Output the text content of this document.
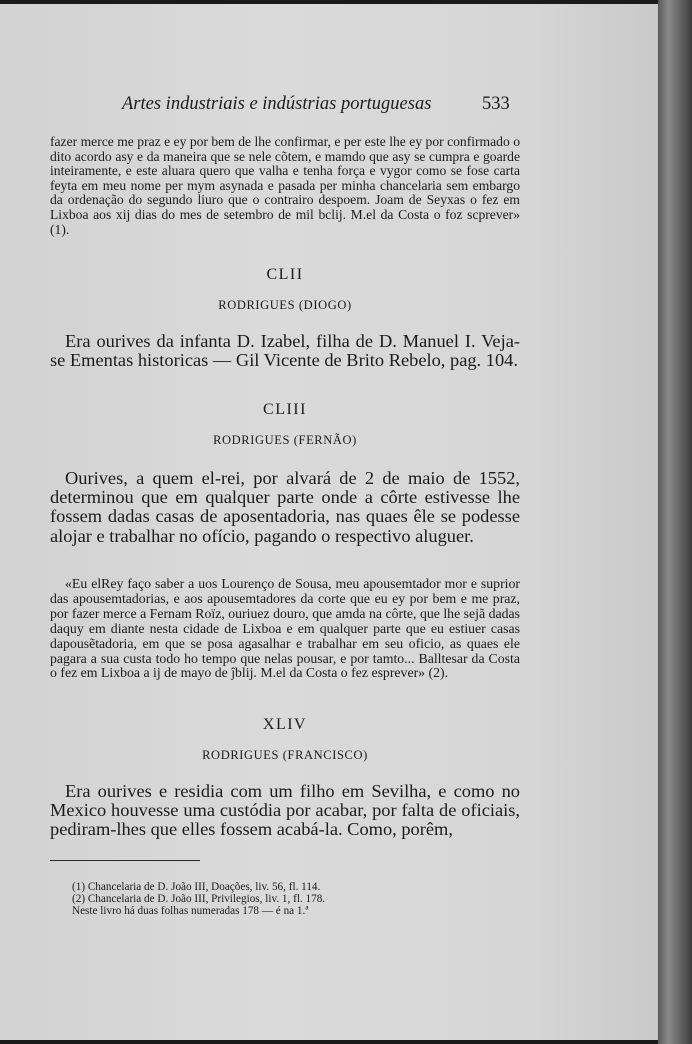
Artes industriais e indústrias portuguesas	533

fazer merce me praz e ey por bem de lhe confirmar, e per este lhe ey por confirmado o dito acordo asy e da maneira que se nele cõtem, e mamdo que asy se cumpra e goarde inteiramente, e este aluara quero que valha e tenha força e vygor como se fose carta feyta em meu nome per mym asynada e pasada per minha chancelaria sem embargo da ordenação do segundo liuro que o contrairo despoem. Joam de Seyxas o fez em Lixboa aos xij dias do mes de setembro de mil bclij. M.el da Costa o foz scprever» (1).

CLII
RODRIGUES (DIOGO)

Era ourives da infanta D. Izabel, filha de D. Manuel I. Veja-se Ementas historicas — Gil Vicente de Brito Rebelo, pag. 104.

CLIII
RODRIGUES (FERNÃO)

Ourives, a quem el-rei, por alvará de 2 de maio de 1552, determinou que em qualquer parte onde a côrte estivesse lhe fossem dadas casas de aposentadoria, nas quaes êle se podesse alojar e trabalhar no ofício, pagando o respectivo aluguer.

«Eu elRey faço saber a uos Lourenço de Sousa, meu apousemtador mor e suprior das apousemtadorias, e aos apousemtadores da corte que eu ey por bem e me praz, por fazer merce a Fernam Roïz, ouriuez douro, que amda na côrte, que lhe sejã dadas daquy em diante nesta cidade de Lixboa e em qualquer parte que eu estiuer casas dapousẽtadoria, em que se posa agasalhar e trabalhar em seu oficio, as quaes ele pagara a sua custa todo ho tempo que nelas pousar, e por tamto... Balltesar da Costa o fez em Lixboa a ij de mayo de ĵblij. M.el da Costa o fez esprever» (2).

XLIV
RODRIGUES (FRANCISCO)

Era ourives e residia com um filho em Sevilha, e como no Mexico houvesse uma custódia por acabar, por falta de oficiais, pediram-lhes que elles fossem acabá-la. Como, porêm,

(1) Chancelaria de D. João III, Doações, liv. 56, fl. 114.

(2) Chancelaria de D. João III, Privilegios, liv. 1, fl. 178.

Neste livro há duas folhas numeradas 178 — é na 1.ª
